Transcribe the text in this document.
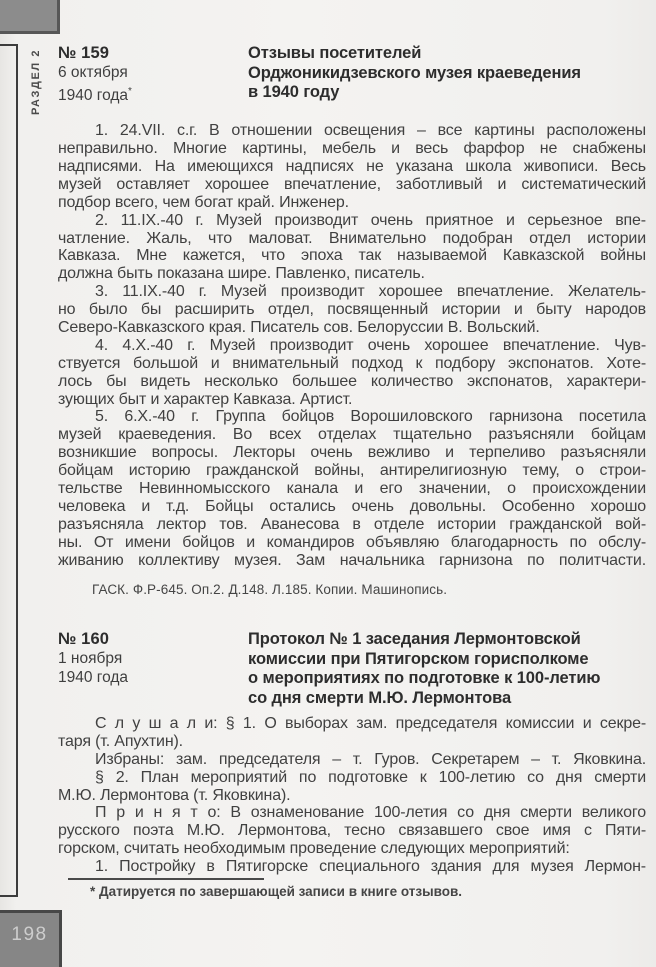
РАЗДЕЛ 2 № 159
6 октября
1940 года*
Отзывы посетителей
Орджоникидзевского музея краеведения
в 1940 году
1. 24.VII. с.г. В отношении освещения – все картины расположены
неправильно. Многие картины, мебель и весь фарфор не снабжены
надписями. На имеющихся надписях не указана школа живописи. Весь
музей оставляет хорошее впечатление, заботливый и систематический
подбор всего, чем богат край. Инженер.
2. 11.IX.-40 г. Музей производит очень приятное и серьезное впе-
чатление. Жаль, что маловат. Внимательно подобран отдел истории
Кавказа. Мне кажется, что эпоха так называемой Кавказской войны
должна быть показана шире. Павленко, писатель.
3. 11.IX.-40 г. Музей производит хорошее впечатление. Желатель-
но было бы расширить отдел, посвященный истории и быту народов
Северо-Кавказского края. Писатель сов. Белоруссии В. Вольский.
4. 4.X.-40 г. Музей производит очень хорошее впечатление. Чув-
ствуется большой и внимательный подход к подбору экспонатов. Хоте-
лось бы видеть несколько большее количество экспонатов, характери-
зующих быт и характер Кавказа. Артист.
5. 6.X.-40 г. Группа бойцов Ворошиловского гарнизона посетила
музей краеведения. Во всех отделах тщательно разъясняли бойцам
возникшие вопросы. Лекторы очень вежливо и терпеливо разъясняли
бойцам историю гражданской войны, антирелигиозную тему, о строи-
тельстве Невинномысского канала и его значении, о происхождении
человека и т.д. Бойцы остались очень довольны. Особенно хорошо
разъясняла лектор тов. Аванесова в отделе истории гражданской вой-
ны. От имени бойцов и командиров объявляю благодарность по обслу-
живанию коллективу музея. Зам начальника гарнизона по политчасти.
ГАСК. Ф.Р-645. Оп.2. Д.148. Л.185. Копии. Машинопись.
№ 160
1 ноября
1940 года
Протокол № 1 заседания Лермонтовской
комиссии при Пятигорском горисполкоме
о мероприятиях по подготовке к 100-летию
со дня смерти М.Ю. Лермонтова
С л у ш а л и: § 1. О выборах зам. председателя комиссии и секре-
таря (т. Апухтин).
Избраны: зам. председателя – т. Гуров. Секретарем – т. Яковкина.
§ 2. План мероприятий по подготовке к 100-летию со дня смерти
М.Ю. Лермонтова (т. Яковкина).
П р и н я т о: В ознаменование 100-летия со дня смерти великого
русского поэта М.Ю. Лермонтова, тесно связавшего свое имя с Пяти-
горском, считать необходимым проведение следующих мероприятий:
1. Постройку в Пятигорске специального здания для музея Лермон-
* Датируется по завершающей записи в книге отзывов.
198
